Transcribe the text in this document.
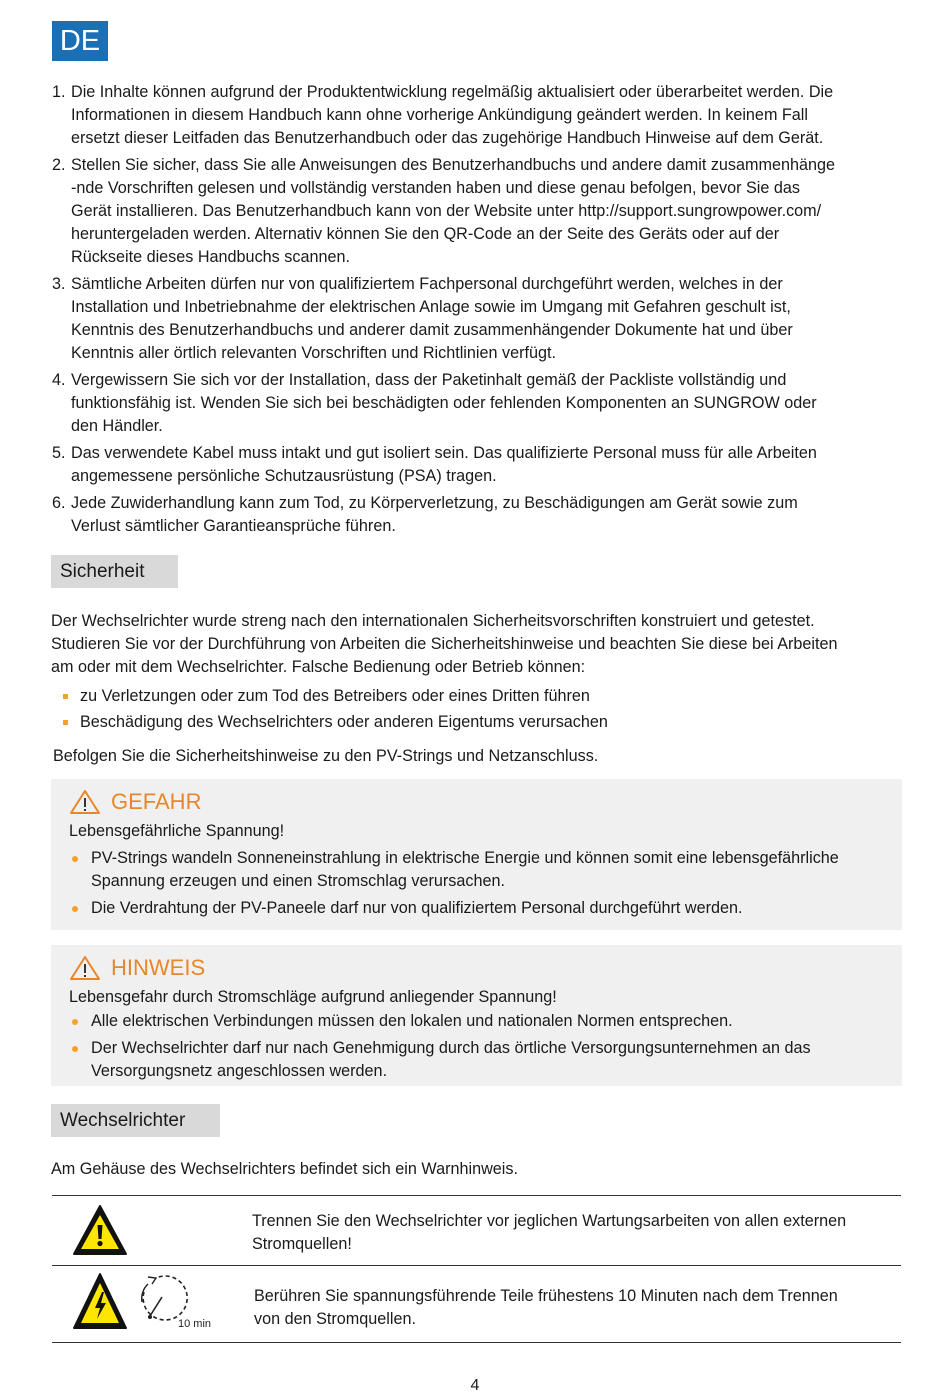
DE
1. Die Inhalte können aufgrund der Produktentwicklung regelmäßig aktualisiert oder überarbeitet werden. Die
Informationen in diesem Handbuch kann ohne vorherige Ankündigung geändert werden. In keinem Fall
ersetzt dieser Leitfaden das Benutzerhandbuch oder das zugehörige Handbuch Hinweise auf dem Gerät.
2. Stellen Sie sicher, dass Sie alle Anweisungen des Benutzerhandbuchs und andere damit zusammenhänge
-nde Vorschriften gelesen und vollständig verstanden haben und diese genau befolgen, bevor Sie das
Gerät installieren. Das Benutzerhandbuch kann von der Website unter http://support.sungrowpower.com/
heruntergeladen werden. Alternativ können Sie den QR-Code an der Seite des Geräts oder auf der
Rückseite dieses Handbuchs scannen.
3. Sämtliche Arbeiten dürfen nur von qualifiziertem Fachpersonal durchgeführt werden, welches in der
Installation und Inbetriebnahme der elektrischen Anlage sowie im Umgang mit Gefahren geschult ist,
Kenntnis des Benutzerhandbuchs und anderer damit zusammenhängender Dokumente hat und über
Kenntnis aller örtlich relevanten Vorschriften und Richtlinien verfügt.
4. Vergewissern Sie sich vor der Installation, dass der Paketinhalt gemäß der Packliste vollständig und
funktionsfähig ist. Wenden Sie sich bei beschädigten oder fehlenden Komponenten an SUNGROW oder
den Händler.
5. Das verwendete Kabel muss intakt und gut isoliert sein. Das qualifizierte Personal muss für alle Arbeiten
angemessene persönliche Schutzausrüstung (PSA) tragen.
6. Jede Zuwiderhandlung kann zum Tod, zu Körperverletzung, zu Beschädigungen am Gerät sowie zum
Verlust sämtlicher Garantieansprüche führen.
Sicherheit
Der Wechselrichter wurde streng nach den internationalen Sicherheitsvorschriften konstruiert und getestet.
Studieren Sie vor der Durchführung von Arbeiten die Sicherheitshinweise und beachten Sie diese bei Arbeiten
am oder mit dem Wechselrichter. Falsche Bedienung oder Betrieb können:
zu Verletzungen oder zum Tod des Betreibers oder eines Dritten führen
Beschädigung des Wechselrichters oder anderen Eigentums verursachen
Befolgen Sie die Sicherheitshinweise zu den PV-Strings und Netzanschluss.
GEFAHR
Lebensgefährliche Spannung!
PV-Strings wandeln Sonneneinstrahlung in elektrische Energie und können somit eine lebensgefährliche
Spannung erzeugen und einen Stromschlag verursachen.
Die Verdrahtung der PV-Paneele darf nur von qualifiziertem Personal durchgeführt werden.
HINWEIS
Lebensgefahr durch Stromschläge aufgrund anliegender Spannung!
Alle elektrischen Verbindungen müssen den lokalen und nationalen Normen entsprechen.
Der Wechselrichter darf nur nach Genehmigung durch das örtliche Versorgungsunternehmen an das
Versorgungsnetz angeschlossen werden.
Wechselrichter
Am Gehäuse des Wechselrichters befindet sich ein Warnhinweis.
Trennen Sie den Wechselrichter vor jeglichen Wartungsarbeiten von allen externen
Stromquellen!
10 min
Berühren Sie spannungsführende Teile frühestens 10 Minuten nach dem Trennen
von den Stromquellen.
4
